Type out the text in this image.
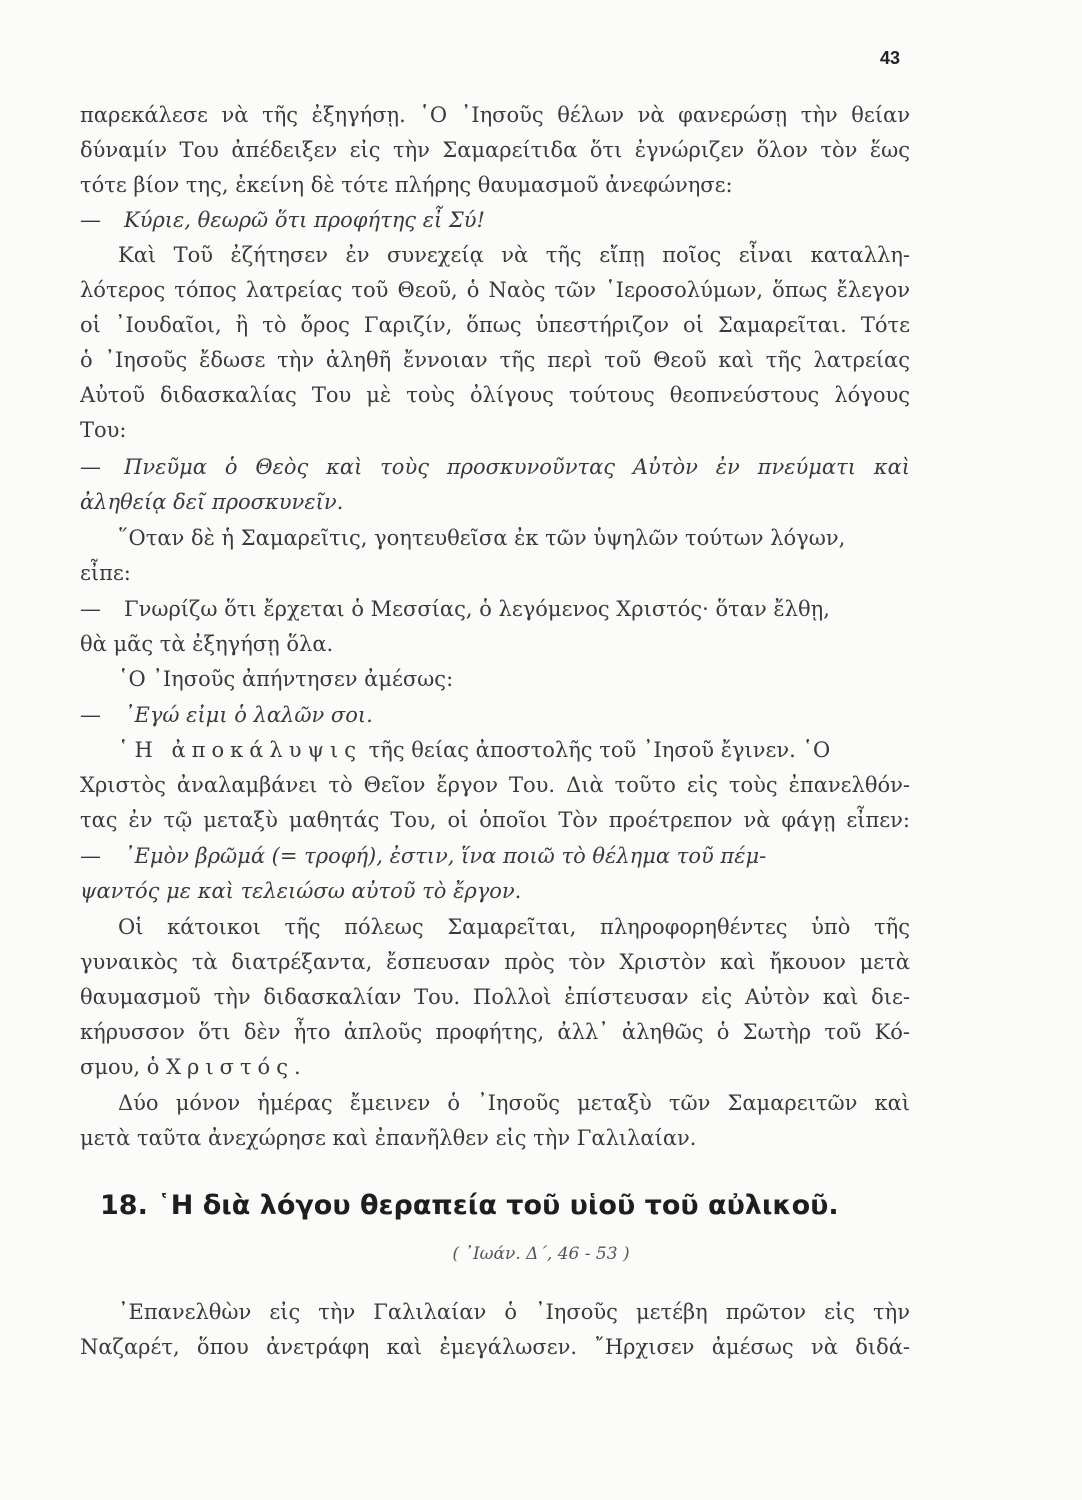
43
παρεκάλεσε νὰ τῆς ἐξηγήσῃ. ῾Ο ᾿Ιησοῦς θέλων νὰ φανερώσῃ τὴν θείαν
δύναμίν Του ἀπέδειξεν εἰς τὴν Σαμαρείτιδα ὅτι ἐγνώριζεν ὅλον τὸν ἕως
τότε βίον της, ἐκείνη δὲ τότε πλήρης θαυμασμοῦ ἀνεφώνησε:
— Κύριε, θεωρῶ ὅτι προφήτης εἶ Σύ!
Καὶ Τοῦ ἐζήτησεν ἐν συνεχείᾳ νὰ τῆς εἴπῃ ποῖος εἶναι καταλλη-
λότερος τόπος λατρείας τοῦ Θεοῦ, ὁ Ναὸς τῶν ῾Ιεροσολύμων, ὅπως ἔλεγον
οἱ ᾿Ιουδαῖοι, ἢ τὸ ὄρος Γαριζίν, ὅπως ὑπεστήριζον οἱ Σαμαρεῖται. Τότε
ὁ ᾿Ιησοῦς ἔδωσε τὴν ἀληθῆ ἔννοιαν τῆς περὶ τοῦ Θεοῦ καὶ τῆς λατρείας
Αὐτοῦ διδασκαλίας Του μὲ τοὺς ὀλίγους τούτους θεοπνεύστους λόγους
Του:
— Πνεῦμα ὁ Θεὸς καὶ τοὺς προσκυνοῦντας Αὐτὸν ἐν πνεύματι καὶ
ἀληθείᾳ δεῖ προσκυνεῖν.
῞Οταν δὲ ἡ Σαμαρεῖτις, γοητευθεῖσα ἐκ τῶν ὑψηλῶν τούτων λόγων,
εἶπε:
— Γνωρίζω ὅτι ἔρχεται ὁ Μεσσίας, ὁ λεγόμενος Χριστός· ὅταν ἔλθῃ,
θὰ μᾶς τὰ ἐξηγήσῃ ὅλα.
῾Ο ᾿Ιησοῦς ἀπήντησεν ἀμέσως:
— ᾿Εγώ εἰμι ὁ λαλῶν σοι.
῾Η ἀποκάλυψις τῆς θείας ἀποστολῆς τοῦ ᾿Ιησοῦ ἔγινεν. ῾Ο
Χριστὸς ἀναλαμβάνει τὸ Θεῖον ἔργον Του. Διὰ τοῦτο εἰς τοὺς ἐπανελθόν-
τας ἐν τῷ μεταξὺ μαθητάς Του, οἱ ὁποῖοι Τὸν προέτρεπον νὰ φάγῃ εἶπεν:
— ᾿Εμὸν βρῶμά (= τροφή), ἐστιν, ἵνα ποιῶ τὸ θέλημα τοῦ πέμ-
ψαντός με καὶ τελειώσω αὐτοῦ τὸ ἔργον.
Οἱ κάτοικοι τῆς πόλεως Σαμαρεῖται, πληροφορηθέντες ὑπὸ τῆς
γυναικὸς τὰ διατρέξαντα, ἔσπευσαν πρὸς τὸν Χριστὸν καὶ ἤκουον μετὰ
θαυμασμοῦ τὴν διδασκαλίαν Του. Πολλοὶ ἐπίστευσαν εἰς Αὐτὸν καὶ διε-
κήρυσσον ὅτι δὲν ἦτο ἁπλοῦς προφήτης, ἀλλ᾿ ἀληθῶς ὁ Σωτὴρ τοῦ Κό-
σμου, ὁ Χριστός.
Δύο μόνον ἡμέρας ἔμεινεν ὁ ᾿Ιησοῦς μεταξὺ τῶν Σαμαρειτῶν καὶ
μετὰ ταῦτα ἀνεχώρησε καὶ ἐπανῆλθεν εἰς τὴν Γαλιλαίαν.
18. ῾Η διὰ λόγου θεραπεία τοῦ υἱοῦ τοῦ αὐλικοῦ.
( ᾿Ιωάν. Δ΄, 46 - 53 )
᾿Επανελθὼν εἰς τὴν Γαλιλαίαν ὁ ᾿Ιησοῦς μετέβη πρῶτον εἰς τὴν
Ναζαρέτ, ὅπου ἀνετράφη καὶ ἐμεγάλωσεν. ῎Ηρχισεν ἀμέσως νὰ διδά-
